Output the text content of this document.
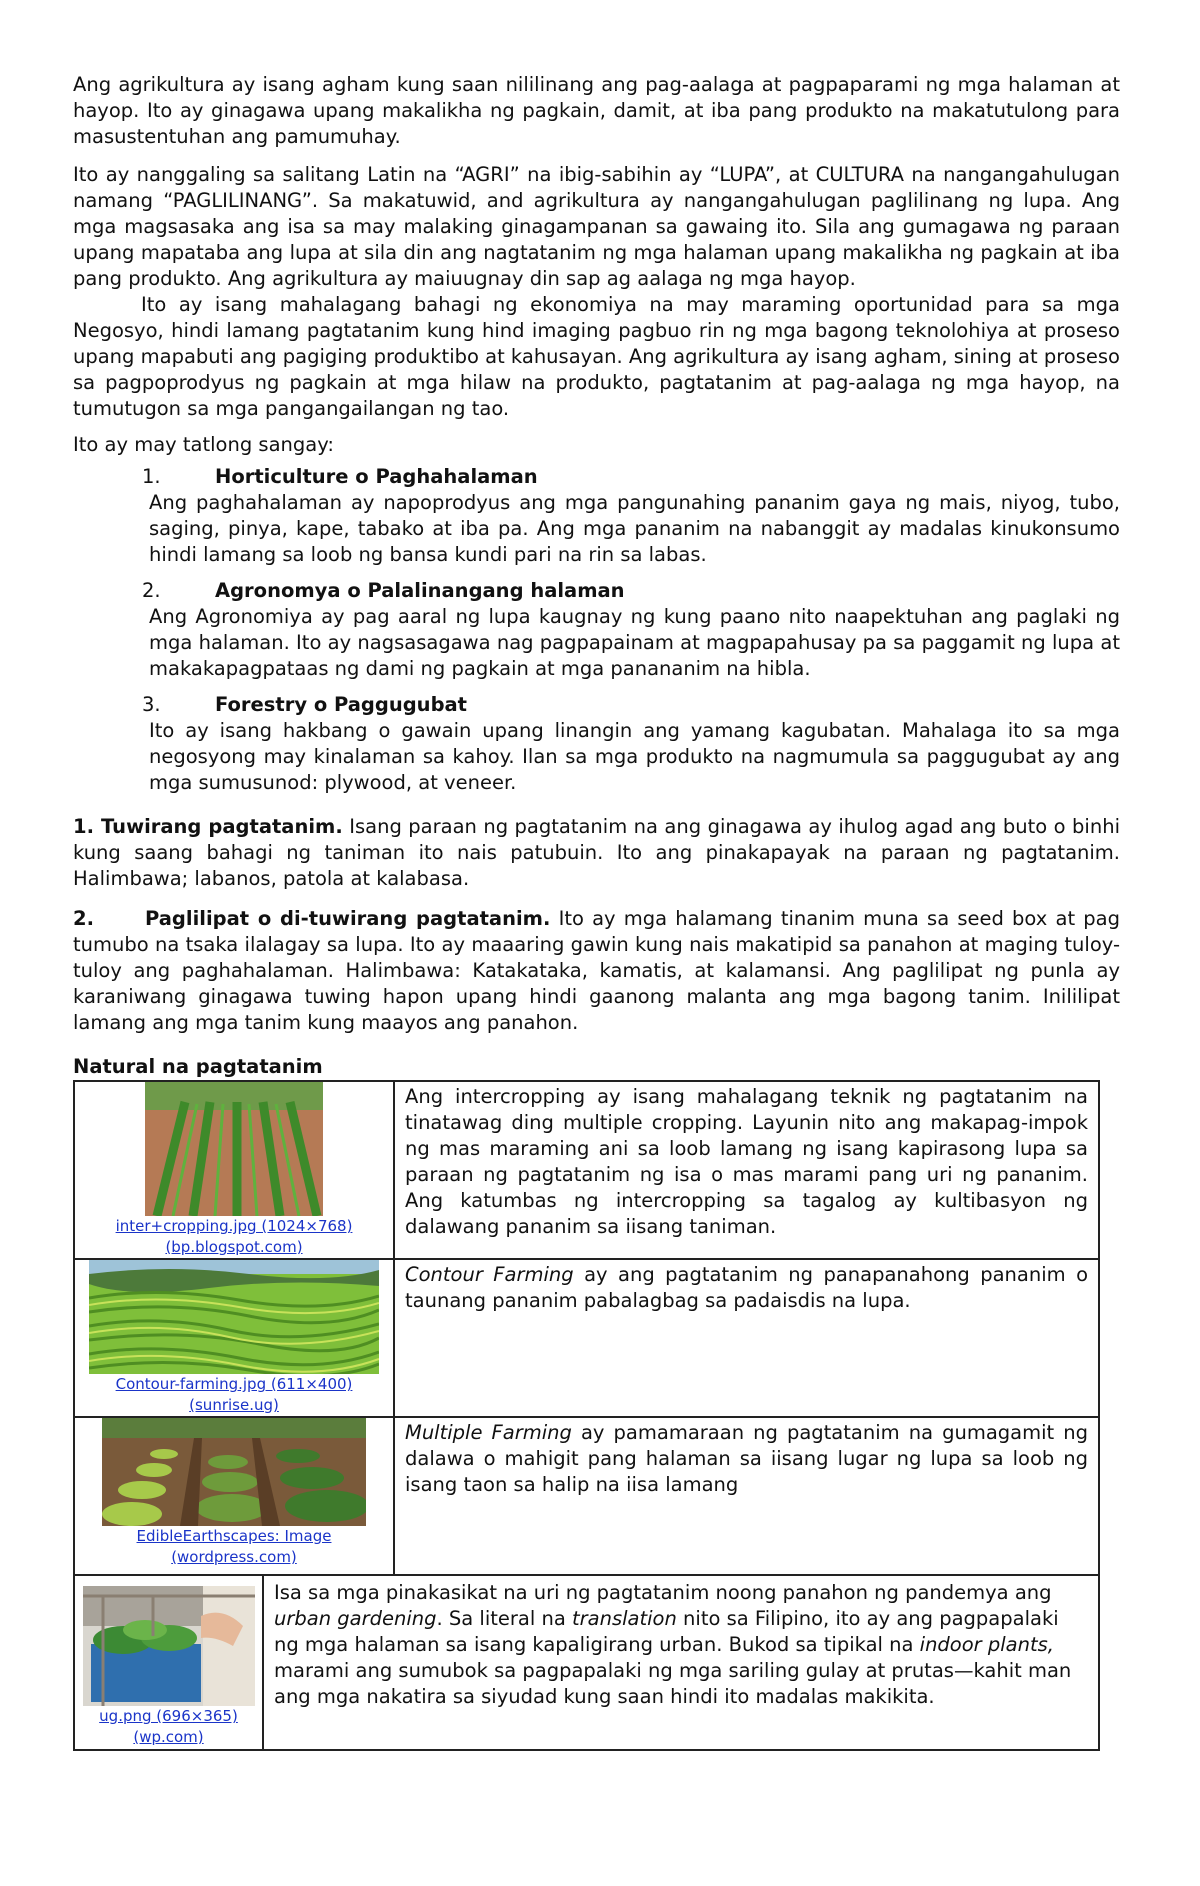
Ang agrikultura ay isang agham kung saan nililinang ang pag-aalaga at pagpaparami ng mga halaman at hayop. Ito ay ginagawa upang makalikha ng pagkain, damit, at iba pang produkto na makatutulong para masustentuhan ang pamumuhay.

Ito ay nanggaling sa salitang Latin na “AGRI” na ibig-sabihin ay “LUPA”, at CULTURA na nangangahulugan namang “PAGLILINANG”. Sa makatuwid, and agrikultura ay nangangahulugan paglilinang ng lupa. Ang mga magsasaka ang isa sa may malaking ginagampanan sa gawaing ito. Sila ang gumagawa ng paraan upang mapataba ang lupa at sila din ang nagtatanim ng mga halaman upang makalikha ng pagkain at iba pang produkto. Ang agrikultura ay maiuugnay din sap ag aalaga ng mga hayop.

Ito ay isang mahalagang bahagi ng ekonomiya na may maraming oportunidad para sa mga Negosyo, hindi lamang pagtatanim kung hind imaging pagbuo rin ng mga bagong teknolohiya at proseso upang mapabuti ang pagiging produktibo at kahusayan. Ang agrikultura ay isang agham, sining at proseso sa pagpoprodyus ng pagkain at mga hilaw na produkto, pagtatanim at pag-aalaga ng mga hayop, na tumutugon sa mga pangangailangan ng tao.

Ito ay may tatlong sangay:

1.	Horticulture o Paghahalaman

Ang paghahalaman ay napoprodyus ang mga pangunahing pananim gaya ng mais, niyog, tubo, saging, pinya, kape, tabako at iba pa. Ang mga pananim na nabanggit ay madalas kinukonsumo hindi lamang sa loob ng bansa kundi pari na rin sa labas.

2.	Agronomya o Palalinangang halaman

Ang Agronomiya ay pag aaral ng lupa kaugnay ng kung paano nito naapektuhan ang paglaki ng mga halaman. Ito ay nagsasagawa nag pagpapainam at magpapahusay pa sa paggamit ng lupa at makakapagpataas ng dami ng pagkain at mga panananim na hibla.

3.	Forestry o Paggugubat

Ito ay isang hakbang o gawain upang linangin ang yamang kagubatan. Mahalaga ito sa mga negosyong may kinalaman sa kahoy. Ilan sa mga produkto na nagmumula sa paggugubat ay ang mga sumusunod: plywood, at veneer.

1. Tuwirang pagtatanim. Isang paraan ng pagtatanim na ang ginagawa ay ihulog agad ang buto o binhi kung saang bahagi ng taniman ito nais patubuin. Ito ang pinakapayak na paraan ng pagtatanim. Halimbawa; labanos, patola at kalabasa.

2.	Paglilipat o di-tuwirang pagtatanim. Ito ay mga halamang tinanim muna sa seed box at pag tumubo na tsaka ilalagay sa lupa. Ito ay maaaring gawin kung nais makatipid sa panahon at maging tuloy-tuloy ang paghahalaman. Halimbawa: Katakataka, kamatis, at kalamansi. Ang paglilipat ng punla ay karaniwang ginagawa tuwing hapon upang hindi gaanong malanta ang mga bagong tanim. Inililipat lamang ang mga tanim kung maayos ang panahon.

Natural na pagtatanim

inter+cropping.jpg (1024×768)
(bp.blogspot.com)	Ang intercropping ay isang mahalagang teknik ng pagtatanim na tinatawag ding multiple cropping. Layunin nito ang makapag-impok ng mas maraming ani sa loob lamang ng isang kapirasong lupa sa paraan ng pagtatanim ng isa o mas marami pang uri ng pananim. Ang katumbas ng intercropping sa tagalog ay kultibasyon ng dalawang pananim sa iisang taniman.

Contour-farming.jpg (611×400)
(sunrise.ug)	Contour Farming ay ang pagtatanim ng panapanahong pananim o taunang pananim pabalagbag sa padaisdis na lupa.

EdibleEarthscapes: Image
(wordpress.com)	Multiple Farming ay pamamaraan ng pagtatanim na gumagamit ng dalawa o mahigit pang halaman sa iisang lugar ng lupa sa loob ng isang taon sa halip na iisa lamang
ug.png (696×365)
(wp.com)	Isa sa mga pinakasikat na uri ng pagtatanim noong panahon ng pandemya ang urban gardening. Sa literal na translation nito sa Filipino, ito ay ang pagpapalaki ng mga halaman sa isang kapaligirang urban. Bukod sa tipikal na indoor plants, marami ang sumubok sa pagpapalaki ng mga sariling gulay at prutas—kahit man ang mga nakatira sa siyudad kung saan hindi ito madalas makikita.
